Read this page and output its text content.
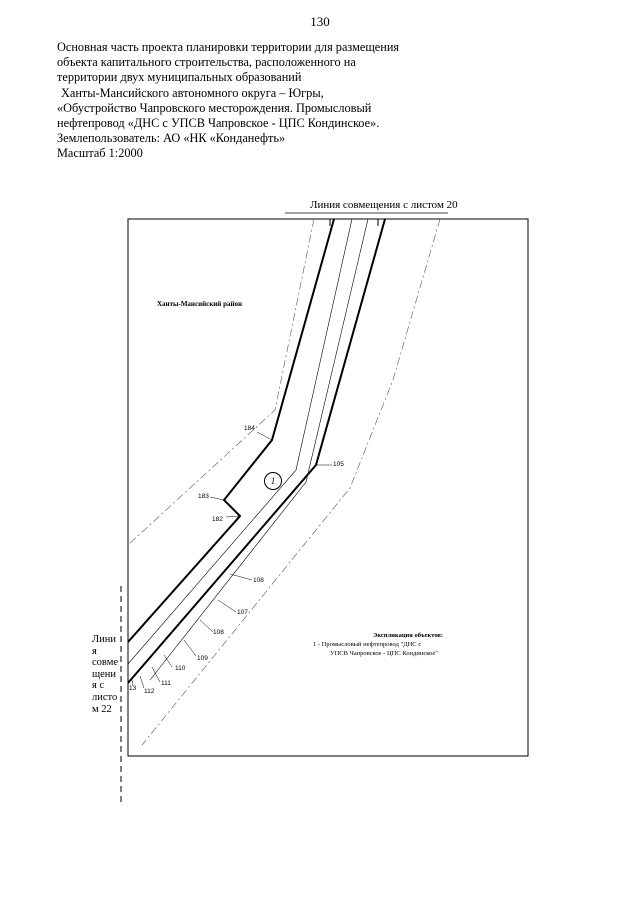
130
Основная часть проекта планировки территории для размещения
объекта капитального строительства, расположенного на
территории двух муниципальных образований
Ханты-Мансийского автономного округа – Югры,
«Обустройство Чапровского месторождения. Промысловый
нефтепровод «ДНС с УПСВ Чапровское - ЦПС Кондинское».
Землепользователь: АО «НК «Конданефть»
Масштаб 1:2000
Линия совмещения с листом 20
Ханты-Мансийский район
Линия совмещения с листом 22
1
184
105
183
182
108
107
108
109
110
111
112
13
Экспликация объектов:
1 - Промысловый нефтепровод "ДНС с
УПСВ Чапровское - ЦПС Кондинское"
